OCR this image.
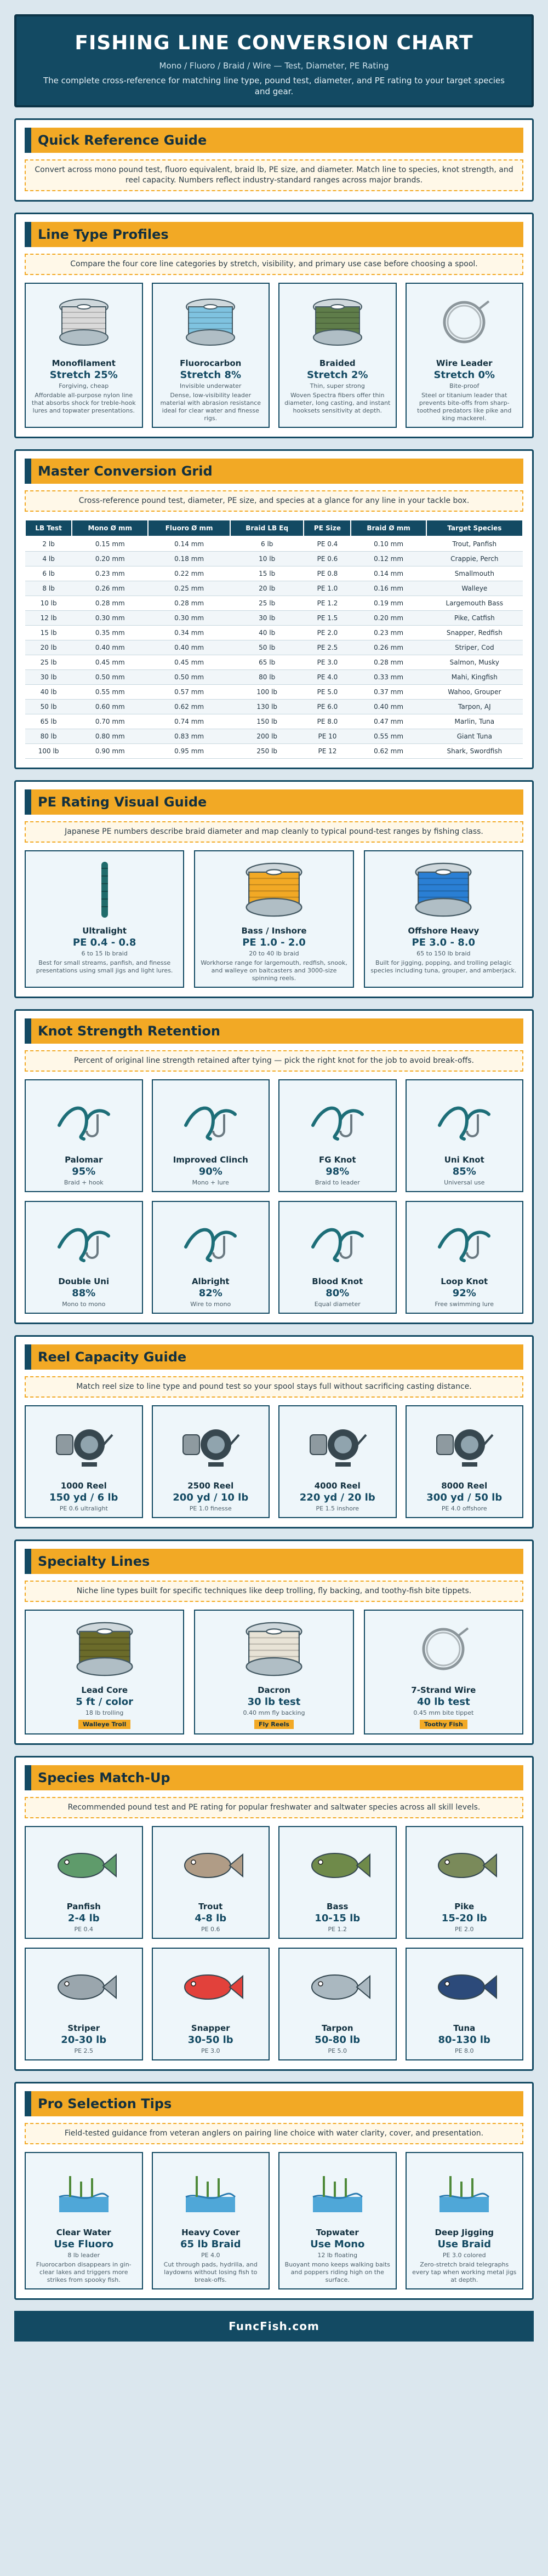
FISHING LINE CONVERSION CHART
Mono / Fluoro / Braid / Wire — Test, Diameter, PE Rating
The complete cross-reference for matching line type, pound test, diameter, and PE rating to your target species and gear.
Quick Reference Guide
Convert across mono pound test, fluoro equivalent, braid lb, PE size, and diameter. Match line to species, knot strength, and reel capacity. Numbers reflect industry-standard ranges across major brands.
Line Type Profiles
Compare the four core line categories by stretch, visibility, and primary use case before choosing a spool.
Monofilament
Stretch 25%
Forgiving, cheap
Affordable all-purpose nylon line that absorbs shock for treble-hook lures and topwater presentations.
Fluorocarbon
Stretch 8%
Invisible underwater
Dense, low-visibility leader material with abrasion resistance ideal for clear water and finesse rigs.
Braided
Stretch 2%
Thin, super strong
Woven Spectra fibers offer thin diameter, long casting, and instant hooksets sensitivity at depth.
Wire Leader
Stretch 0%
Bite-proof
Steel or titanium leader that prevents bite-offs from sharp-toothed predators like pike and king mackerel.
Master Conversion Grid
Cross-reference pound test, diameter, PE size, and species at a glance for any line in your tackle box.
LB Test	Mono Ø mm	Fluoro Ø mm	Braid LB Eq	PE Size	Braid Ø mm	Target Species
2 lb	0.15 mm	0.14 mm	6 lb	PE 0.4	0.10 mm	Trout, Panfish
4 lb	0.20 mm	0.18 mm	10 lb	PE 0.6	0.12 mm	Crappie, Perch
6 lb	0.23 mm	0.22 mm	15 lb	PE 0.8	0.14 mm	Smallmouth
8 lb	0.26 mm	0.25 mm	20 lb	PE 1.0	0.16 mm	Walleye
10 lb	0.28 mm	0.28 mm	25 lb	PE 1.2	0.19 mm	Largemouth Bass
12 lb	0.30 mm	0.30 mm	30 lb	PE 1.5	0.20 mm	Pike, Catfish
15 lb	0.35 mm	0.34 mm	40 lb	PE 2.0	0.23 mm	Snapper, Redfish
20 lb	0.40 mm	0.40 mm	50 lb	PE 2.5	0.26 mm	Striper, Cod
25 lb	0.45 mm	0.45 mm	65 lb	PE 3.0	0.28 mm	Salmon, Musky
30 lb	0.50 mm	0.50 mm	80 lb	PE 4.0	0.33 mm	Mahi, Kingfish
40 lb	0.55 mm	0.57 mm	100 lb	PE 5.0	0.37 mm	Wahoo, Grouper
50 lb	0.60 mm	0.62 mm	130 lb	PE 6.0	0.40 mm	Tarpon, AJ
65 lb	0.70 mm	0.74 mm	150 lb	PE 8.0	0.47 mm	Marlin, Tuna
80 lb	0.80 mm	0.83 mm	200 lb	PE 10	0.55 mm	Giant Tuna
100 lb	0.90 mm	0.95 mm	250 lb	PE 12	0.62 mm	Shark, Swordfish
PE Rating Visual Guide
Japanese PE numbers describe braid diameter and map cleanly to typical pound-test ranges by fishing class.
Ultralight
PE 0.4 - 0.8
6 to 15 lb braid
Best for small streams, panfish, and finesse presentations using small jigs and light lures.
Bass / Inshore
PE 1.0 - 2.0
20 to 40 lb braid
Workhorse range for largemouth, redfish, snook, and walleye on baitcasters and 3000-size spinning reels.
Offshore Heavy
PE 3.0 - 8.0
65 to 150 lb braid
Built for jigging, popping, and trolling pelagic species including tuna, grouper, and amberjack.
Knot Strength Retention
Percent of original line strength retained after tying — pick the right knot for the job to avoid break-offs.
Palomar
95%
Braid + hook
Improved Clinch
90%
Mono + lure
FG Knot
98%
Braid to leader
Uni Knot
85%
Universal use
Double Uni
88%
Mono to mono
Albright
82%
Wire to mono
Blood Knot
80%
Equal diameter
Loop Knot
92%
Free swimming lure
Reel Capacity Guide
Match reel size to line type and pound test so your spool stays full without sacrificing casting distance.
1000 Reel
150 yd / 6 lb
PE 0.6 ultralight
2500 Reel
200 yd / 10 lb
PE 1.0 finesse
4000 Reel
220 yd / 20 lb
PE 1.5 inshore
8000 Reel
300 yd / 50 lb
PE 4.0 offshore
Specialty Lines
Niche line types built for specific techniques like deep trolling, fly backing, and toothy-fish bite tippets.
Lead Core
5 ft / color
18 lb trolling
Walleye Troll
Dacron
30 lb test
0.40 mm fly backing
Fly Reels
7-Strand Wire
40 lb test
0.45 mm bite tippet
Toothy Fish
Species Match-Up
Recommended pound test and PE rating for popular freshwater and saltwater species across all skill levels.
Panfish
2-4 lb
PE 0.4
Trout
4-8 lb
PE 0.6
Bass
10-15 lb
PE 1.2
Pike
15-20 lb
PE 2.0
Striper
20-30 lb
PE 2.5
Snapper
30-50 lb
PE 3.0
Tarpon
50-80 lb
PE 5.0
Tuna
80-130 lb
PE 8.0
Pro Selection Tips
Field-tested guidance from veteran anglers on pairing line choice with water clarity, cover, and presentation.
Clear Water
Use Fluoro
8 lb leader
Fluorocarbon disappears in gin-clear lakes and triggers more strikes from spooky fish.
Heavy Cover
65 lb Braid
PE 4.0
Cut through pads, hydrilla, and laydowns without losing fish to break-offs.
Topwater
Use Mono
12 lb floating
Buoyant mono keeps walking baits and poppers riding high on the surface.
Deep Jigging
Use Braid
PE 3.0 colored
Zero-stretch braid telegraphs every tap when working metal jigs at depth.
FuncFish.com
